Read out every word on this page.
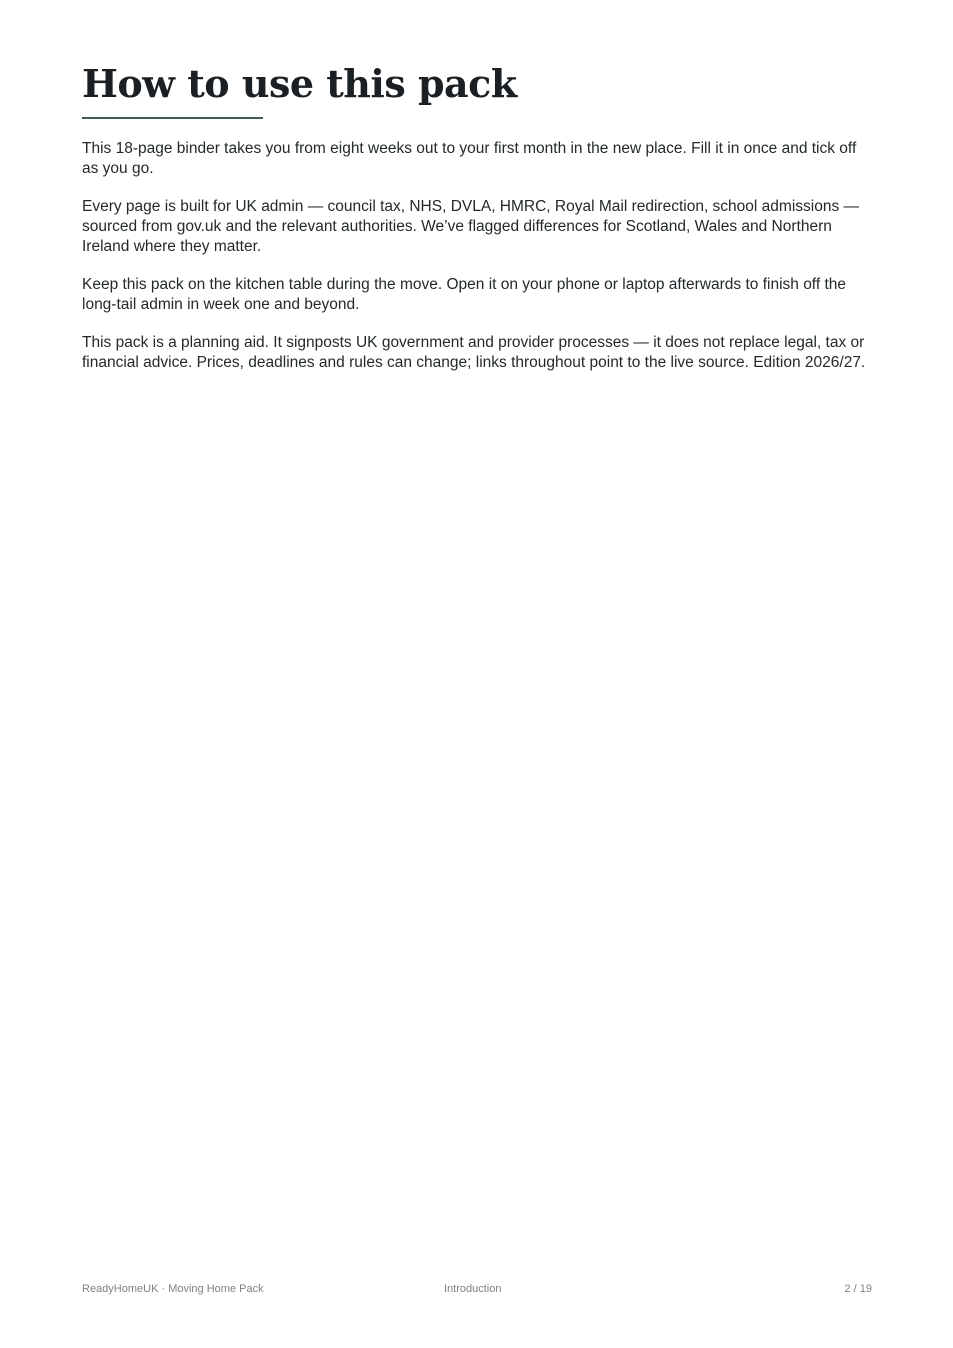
How to use this pack

This 18-page binder takes you from eight weeks out to your first month in the new place. Fill it in once and tick off as you go.

Every page is built for UK admin — council tax, NHS, DVLA, HMRC, Royal Mail redirection, school admissions — sourced from gov.uk and the relevant authorities. We’ve flagged differences for Scotland, Wales and Northern Ireland where they matter.

Keep this pack on the kitchen table during the move. Open it on your phone or laptop afterwards to finish off the long-tail admin in week one and beyond.

This pack is a planning aid. It signposts UK government and provider processes — it does not replace legal, tax or financial advice. Prices, deadlines and rules can change; links throughout point to the live source. Edition 2026/27.

ReadyHomeUK · Moving Home Pack	Introduction	2 / 19
